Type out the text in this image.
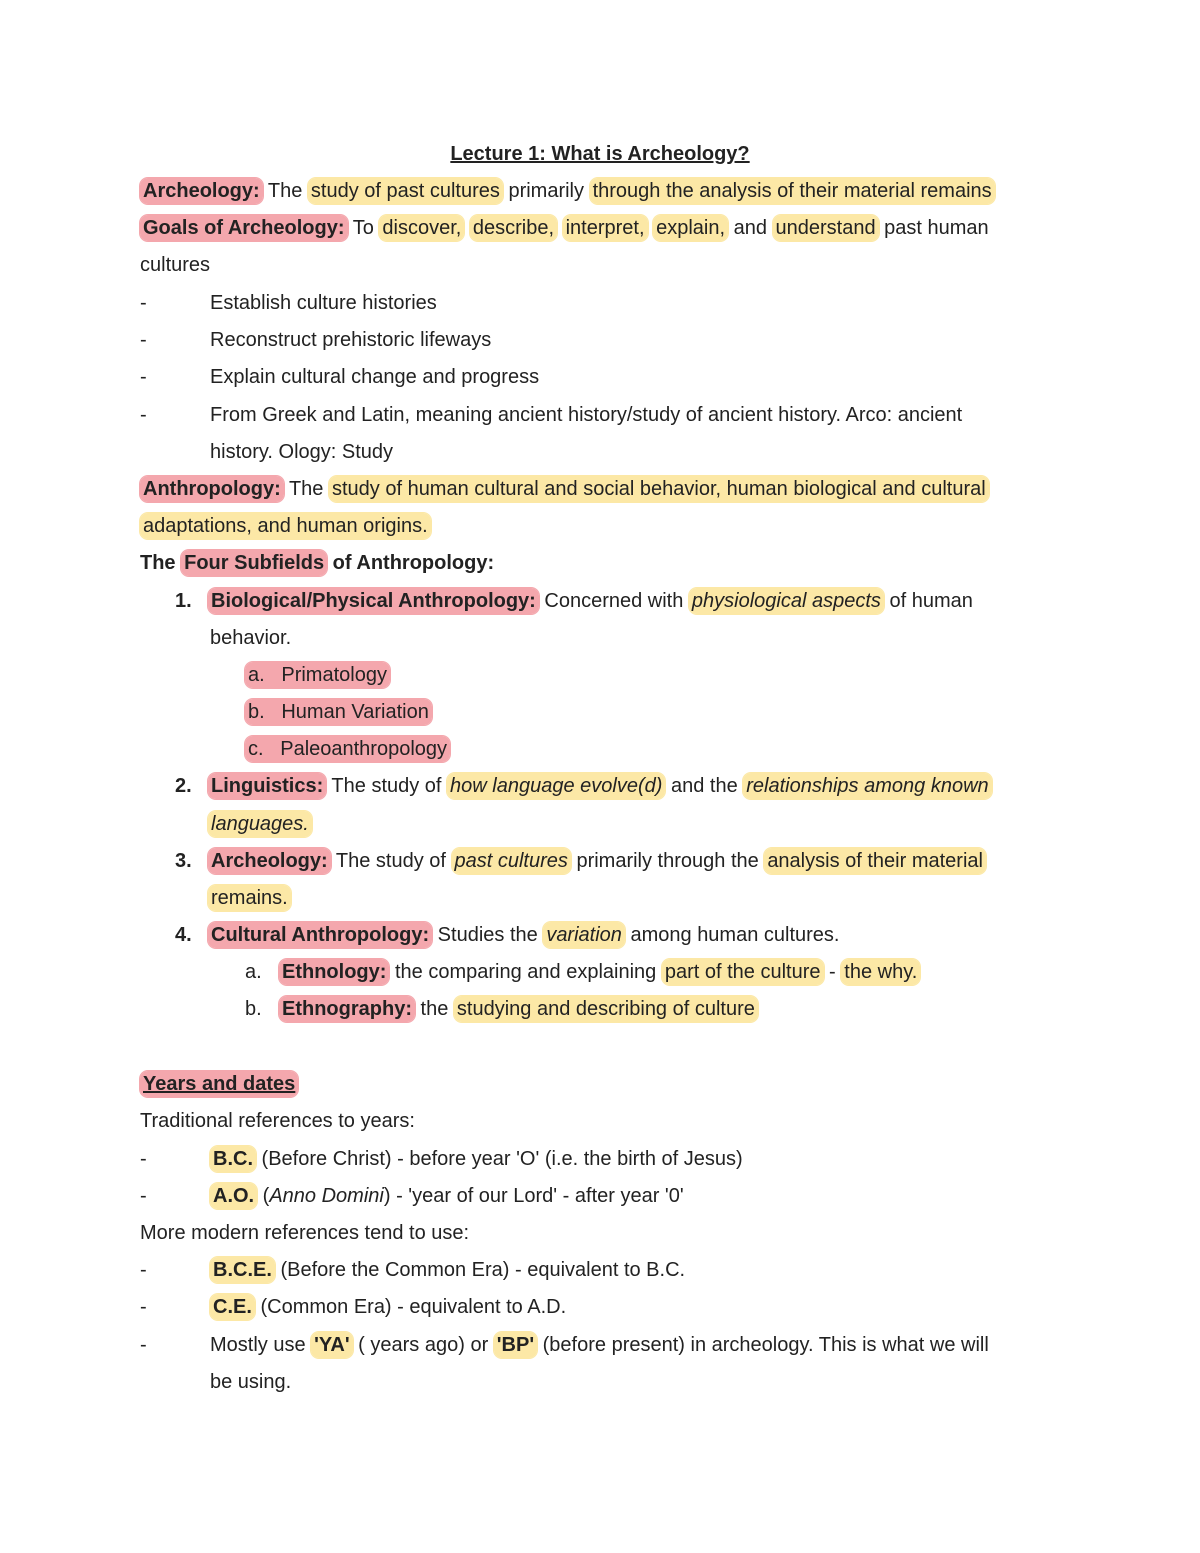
Lecture 1: What is Archeology?
Archeology: The study of past cultures primarily through the analysis of their material remains
Goals of Archeology: To discover, describe, interpret, explain, and understand past human
cultures
-	Establish culture histories
-	Reconstruct prehistoric lifeways
-	Explain cultural change and progress
-	From Greek and Latin, meaning ancient history/study of ancient history. Arco: ancient
history. Ology: Study
Anthropology: The study of human cultural and social behavior, human biological and cultural
adaptations, and human origins.
The Four Subfields of Anthropology:
1. Biological/Physical Anthropology: Concerned with physiological aspects of human
behavior.
a.   Primatology
b.   Human Variation
c.   Paleoanthropology
2. Linguistics: The study of how language evolve(d) and the relationships among known
languages.
3. Archeology: The study of past cultures primarily through the analysis of their material
remains.
4. Cultural Anthropology: Studies the variation among human cultures.
a. Ethnology: the comparing and explaining part of the culture - the why.
b. Ethnography: the studying and describing of culture
Years and dates
Traditional references to years:
-	B.C. (Before Christ) - before year 'O' (i.e. the birth of Jesus)
-	A.O. (Anno Domini) - 'year of our Lord' - after year '0'
More modern references tend to use:
-	B.C.E. (Before the Common Era) - equivalent to B.C.
-	C.E. (Common Era) - equivalent to A.D.
-	Mostly use 'YA' ( years ago) or 'BP' (before present) in archeology. This is what we will
be using.
